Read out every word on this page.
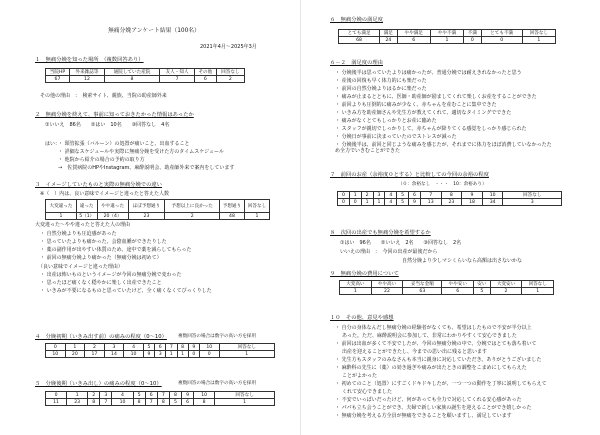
無痛分娩アンケート結果（100名）
2021年4月～2025年3月
１　無痛分娩を知った場所　（複数回答あり）
当院HP	外来雑誌等	通院していた産院	友人・知人	その他	回答なし
67	12	8	7	6	2
その他の理由　：　検索サイト、親族、当院の助産師外来
２　無痛分娩を終えて、事前に知っておきたかった情報はあったか
①いいえ　86名　　②はい　10名　　③回答なし　4名
はい：
・ 頸管拡張（バルーン）の処置が痛いこと、出血すること
・ 詳細なスケジュールや実際に無痛分娩を受けた方のタイムスケジュール
・ 他院から紹介の場合の予約の取り方
→　佐賀病院のHPやInstagram、麻酔説明会、助産師外来で案内をしています
３　イメージしていたものと実際の無痛分娩での違い
※（　）内は、良い意味でイメージと違ったと答えた人数
大変違った	違った	やや違った	ほぼ予想通り	予想以上に良かった	予想通り	回答なし
1	5（1）	20（4）	23	2	48	1
大変違った～やや違ったと答えた人の理由
・ 自然分娩よりも圧迫感があった
・ 思っていたよりも痛かった、会陰血腫ができたりした
・ 薬の副作用が出やすい体質のため、途中で薬を減らしてもらった
・ 前回の無痛分娩より痛かった（無痛分娩は初めて）
（良い意味でイメージと違った理由）
・ 出産は怖いものというイメージが今回の無痛分娩で変わった
・ 思ったほど痛くなく穏やかに楽しく出産できたこと
・ いきみが不要になるものと思っていたけど、全く痛くなくてびっくりした
４　分娩初期（いきみ出す前）の痛みの程度（0～10） 複数回答の場合は数字の高い方を採用
0	1	2	3	4	5	6	7	8	9	10	回答なし
10	20	17	14	10	9	3	1	1	0	0	1
５　分娩後期（いきみ出し）の痛みの程度（0～10）	複数回答の場合は数字の高い方を採用
0	1	2	3	4	5	6	7	8	9	10	回答なし
11	23	8	7	10	8	7	8	5	6	8	1
６　無痛分娩の満足度
とても満足	満足	やや満足	やや不満	不満	とても不満	回答なし
68	24	6	1	0	0	1
６－２　満足度の理由
・ 分娩後半は思っていたよりは痛かったが、普通分娩では耐えきれなかったと思う
・ 産後の回復も早く体力的にも楽だった
・ 前回の自然分娩よりはるかに楽だった
・ 痛みが止まるとともに、医師・助産師が励ましてくれて楽しくお産をすることができた
・ 前回よりも圧倒的に痛みが少なく、赤ちゃんを産むことに集中できた
・ いきみ方を助産師さんや先生方が教えてくれて、適切なタイミングでできた
・ 痛みがなくとてもしっかりとお産に臨めた
・ スタッフが親切でしっかりして、赤ちゃんが降りてくる感覚をしっかり感じられた
・ 分娩日が事前に決まっていたのでストレスが減った
・ 分娩後半は、前回と同じような痛みを感じたが、それまでに体力をほぼ消費していなかったため全力でいきむことができた
７　前回のお産（余裕度０とする）と比較しての今回の余裕の程度
（０：余裕なし　・・・　10：余裕あり）
0	1	2	3	4	5	6	7	8	9	10	回答なし
0	0	1	1	4	5	9	13	23	18	34	3
８　次回の出産でも無痛分娩を希望するか
①はい　96名　　②いいえ　2名　　③回答なし　2名
いいえの理由　：　今回の出産が最後だから
自然分娩より少しマシくらいなら高額は出さないかな
９　無痛分娩の費用について
大変高い	やや高い	妥当な金額	やや安い	安い	大変安い	回答なし
1	22	63	6	5	2	1
１０　その他、意見や感想
・ 自分の身体なんだし無痛分娩の経験者がなくても、希望はしたもので不安が半分以上
あった。ただ、麻酔説明会に参加して、非常にわかりやすくて安心できました
・ 前回は出血が多くて不安でしたが、今回の無痛分娩の中で、分娩ではとても落ち着いて
出産を迎えることができたし、今までの思い出に残ると思います
・ 先生方もスタッフのみなさんも本当に親身に対応していただき、ありがとうございました
・ 麻酔科の先生に（薬）の効き過ぎや痛みが出たときの調整をこまめにしてもらえた
ことがよかった
・ 初めてのこと（処置）にすごくドキドキしたが、一つ一つの動作を丁寧に説明してもらえて
くれて安心できました
・ 不安でいっぱいだったけど、何があっても全力で対応してくれる安心感があった
・ パパも立ち会うことができ、夫婦で新しい家族の誕生を迎えることができ嬉しかった
・ 無痛分娩を考える方全員が無痛をできることを願いますし、満足しています
